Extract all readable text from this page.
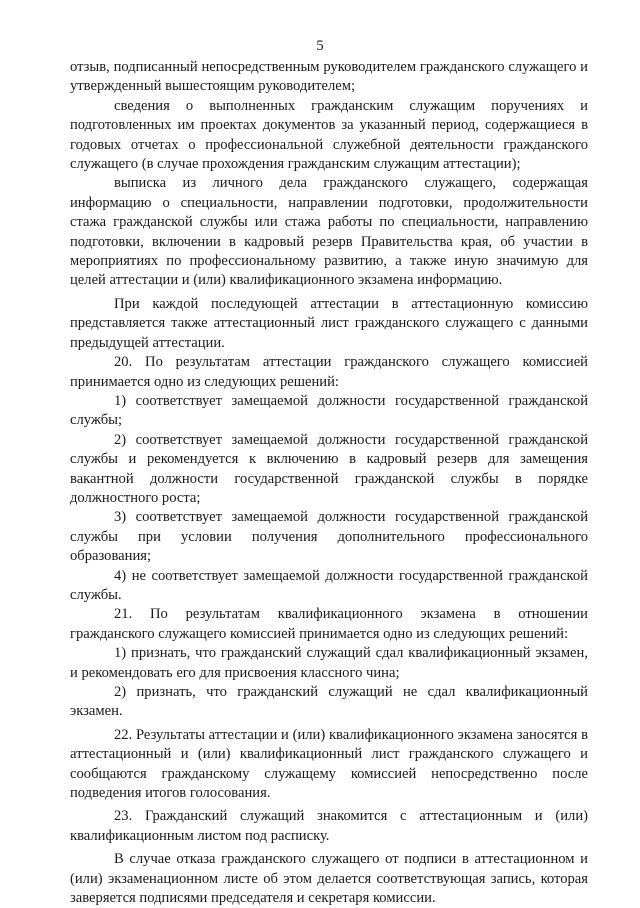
5

отзыв, подписанный непосредственным руководителем гражданского служащего и утвержденный вышестоящим руководителем;

сведения о выполненных гражданским служащим поручениях и подготовленных им проектах документов за указанный период, содержащиеся в годовых отчетах о профессиональной служебной деятельности гражданского служащего (в случае прохождения гражданским служащим аттестации);

выписка из личного дела гражданского служащего, содержащая информацию о специальности, направлении подготовки, продолжительности стажа гражданской службы или стажа работы по специальности, направлению подготовки, включении в кадровый резерв Правительства края, об участии в мероприятиях по профессиональному развитию, а также иную значимую для целей аттестации и (или) квалификационного экзамена информацию.

При каждой последующей аттестации в аттестационную комиссию представляется также аттестационный лист гражданского служащего с данными предыдущей аттестации.

20. По результатам аттестации гражданского служащего комиссией принимается одно из следующих решений:

1) соответствует замещаемой должности государственной гражданской службы;

2) соответствует замещаемой должности государственной гражданской службы и рекомендуется к включению в кадровый резерв для замещения вакантной должности государственной гражданской службы в порядке должностного роста;

3) соответствует замещаемой должности государственной гражданской службы при условии получения дополнительного профессионального образования;

4) не соответствует замещаемой должности государственной гражданской службы.

21. По результатам квалификационного экзамена в отношении гражданского служащего комиссией принимается одно из следующих решений:

1) признать, что гражданский служащий сдал квалификационный экзамен, и рекомендовать его для присвоения классного чина;

2) признать, что гражданский служащий не сдал квалификационный экзамен.

22. Результаты аттестации и (или) квалификационного экзамена заносятся в аттестационный и (или) квалификационный лист гражданского служащего и сообщаются гражданскому служащему комиссией непосредственно после подведения итогов голосования.

23. Гражданский служащий знакомится с аттестационным и (или) квалификационным листом под расписку.

В случае отказа гражданского служащего от подписи в аттестационном и (или) экзаменационном листе об этом делается соответствующая запись, которая заверяется подписями председателя и секретаря комиссии.
